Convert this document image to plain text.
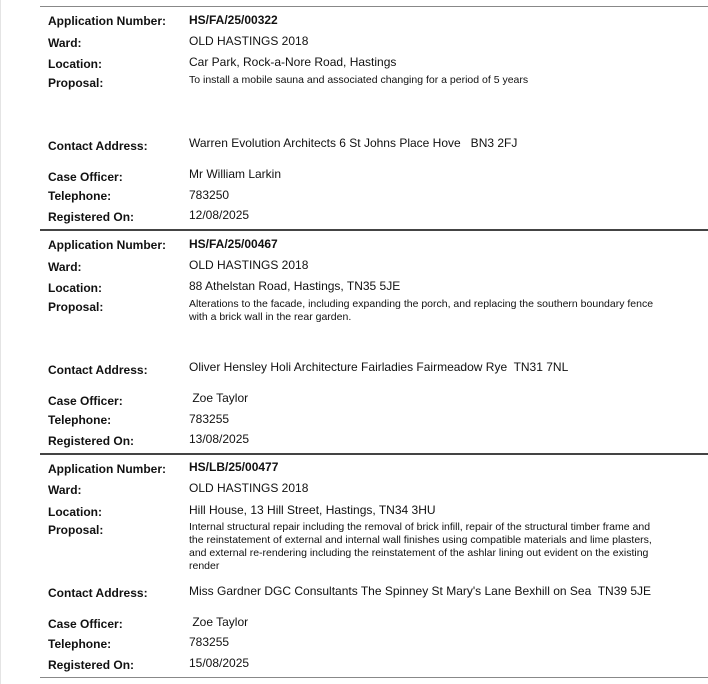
Application Number: HS/FA/25/00322
Ward:	OLD HASTINGS 2018
Location:	Car Park, Rock-a-Nore Road, Hastings
Proposal:	To install a mobile sauna and associated changing for a period of 5 years
Contact Address:	Warren Evolution Architects 6 St Johns Place Hove   BN3 2FJ
Case Officer:	Mr William Larkin
Telephone:	783250
Registered On:	12/08/2025
Application Number: HS/FA/25/00467
Ward:	OLD HASTINGS 2018
Location:	88 Athelstan Road, Hastings, TN35 5JE
Proposal:	Alterations to the facade, including expanding the porch, and replacing the southern boundary fence with a brick wall in the rear garden.
Contact Address:	Oliver Hensley Holi Architecture Fairladies Fairmeadow Rye  TN31 7NL
Case Officer:	Zoe Taylor
Telephone:	783255
Registered On:	13/08/2025
Application Number: HS/LB/25/00477
Ward:	OLD HASTINGS 2018
Location:	Hill House, 13 Hill Street, Hastings, TN34 3HU
Proposal:	Internal structural repair including the removal of brick infill, repair of the structural timber frame and the reinstatement of external and internal wall finishes using compatible materials and lime plasters, and external re-rendering including the reinstatement of the ashlar lining out evident on the existing render
Contact Address:	Miss Gardner DGC Consultants The Spinney St Mary's Lane Bexhill on Sea  TN39 5JE
Case Officer:	Zoe Taylor
Telephone:	783255
Registered On:	15/08/2025
